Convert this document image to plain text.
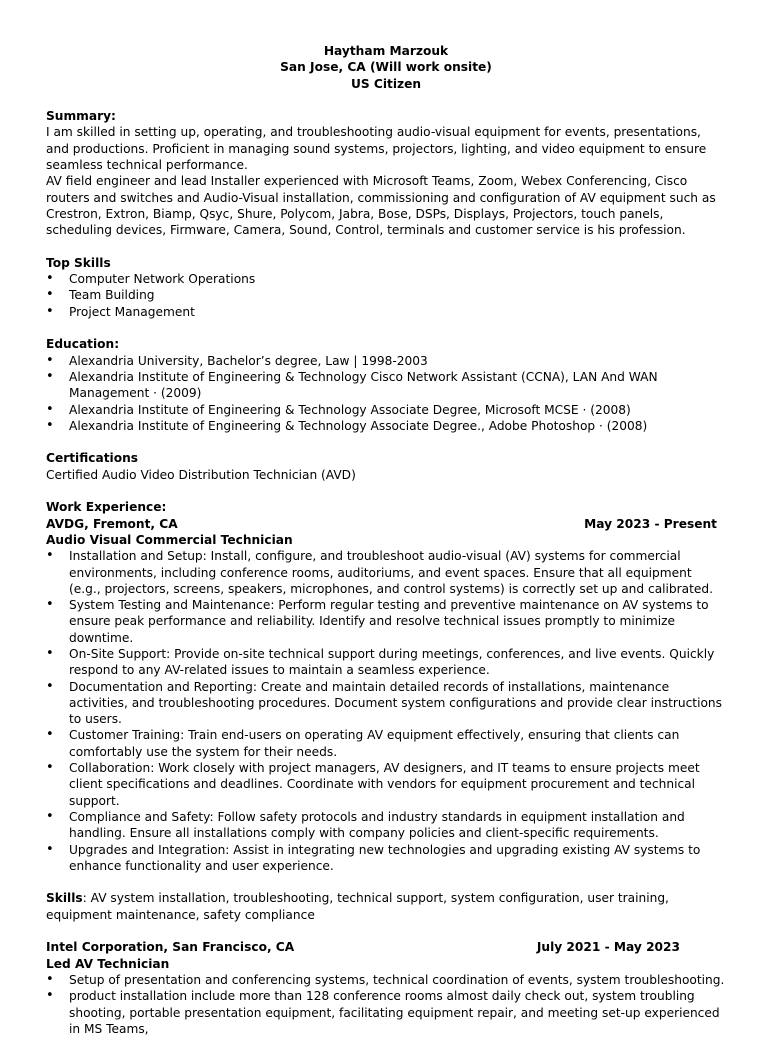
Haytham Marzouk

San Jose, CA (Will work onsite)

US Citizen

Summary:

I am skilled in setting up, operating, and troubleshooting audio-visual equipment for events, presentations, and productions. Proficient in managing sound systems, projectors, lighting, and video equipment to ensure seamless technical performance.

AV field engineer and lead Installer experienced with Microsoft Teams, Zoom, Webex Conferencing, Cisco routers and switches and Audio-Visual installation, commissioning and configuration of AV equipment such as Crestron, Extron, Biamp, Qsyc, Shure, Polycom, Jabra, Bose, DSPs, Displays, Projectors, touch panels, scheduling devices, Firmware, Camera, Sound, Control, terminals and customer service is his profession.

Top Skills

• Computer Network Operations
• Team Building
• Project Management

Education:

• Alexandria University, Bachelor’s degree, Law | 1998-2003
• Alexandria Institute of Engineering & Technology Cisco Network Assistant (CCNA), LAN And WAN Management · (2009)
• Alexandria Institute of Engineering & Technology Associate Degree, Microsoft MCSE · (2008)
• Alexandria Institute of Engineering & Technology Associate Degree., Adobe Photoshop · (2008)

Certifications

Certified Audio Video Distribution Technician (AVD)

Work Experience:

AVDG, Fremont, CA	May 2023 - Present

Audio Visual Commercial Technician

• Installation and Setup: Install, configure, and troubleshoot audio-visual (AV) systems for commercial environments, including conference rooms, auditoriums, and event spaces. Ensure that all equipment (e.g., projectors, screens, speakers, microphones, and control systems) is correctly set up and calibrated.
• System Testing and Maintenance: Perform regular testing and preventive maintenance on AV systems to ensure peak performance and reliability. Identify and resolve technical issues promptly to minimize downtime.
• On-Site Support: Provide on-site technical support during meetings, conferences, and live events. Quickly respond to any AV-related issues to maintain a seamless experience.
• Documentation and Reporting: Create and maintain detailed records of installations, maintenance activities, and troubleshooting procedures. Document system configurations and provide clear instructions to users.
• Customer Training: Train end-users on operating AV equipment effectively, ensuring that clients can comfortably use the system for their needs.
• Collaboration: Work closely with project managers, AV designers, and IT teams to ensure projects meet client specifications and deadlines. Coordinate with vendors for equipment procurement and technical support.
• Compliance and Safety: Follow safety protocols and industry standards in equipment installation and handling. Ensure all installations comply with company policies and client-specific requirements.
• Upgrades and Integration: Assist in integrating new technologies and upgrading existing AV systems to enhance functionality and user experience.

Skills: AV system installation, troubleshooting, technical support, system configuration, user training, equipment maintenance, safety compliance

Intel Corporation, San Francisco, CA	July 2021 - May 2023

Led AV Technician

• Setup of presentation and conferencing systems, technical coordination of events, system troubleshooting.
• product installation include more than 128 conference rooms almost daily check out, system troubling shooting, portable presentation equipment, facilitating equipment repair, and meeting set-up experienced in MS Teams,
